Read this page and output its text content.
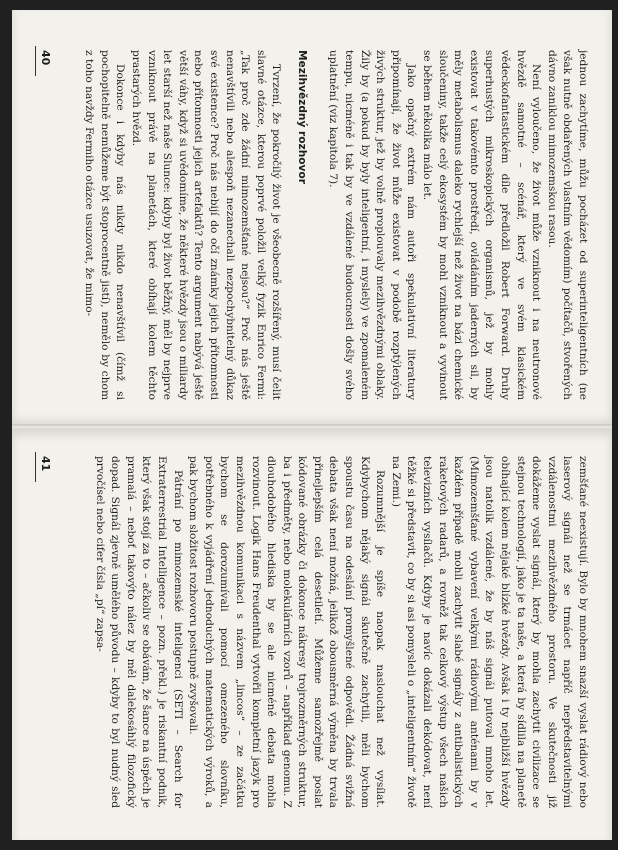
jednou zachytíme, můžu pocházet od superinteligentních (ne však nutně obdařených vlastním vědomím) počítačů, stvořených dávno zaniklou mimozemskou rasou.

Není vyloučeno, že život může vzniknout i na neutronové hvězdě samotné – scénář, který ve svém klasickém vědeckofantastickém díle předložil Robert Forward. Druhy superhustých mikroskopických organismů, jež by mohly existovat v takovémto prostředí, ovládáním jaderných sil, by měly metabolismus daleko rychlejší než život na bázi chemické sloučeniny, takže celý ekosystém by mohl vzniknout a vyvinout se během několika málo let.

Jako opačný extrém nám autoři spekulativní literatury připomínají, že život může existovat v podobě rozptýlených živých struktur, jež by volně proplouvaly mezihvězdnými oblaky. Žily by (a pokud by byly inteligentní, i myslely) ve zpomaleném tempu, nicméně i tak by ve vzdálené budoucnosti došly svého uplatnění (viz kapitola 7).

Mezihvězdný rozhovor

Tvrzení, že pokročilý život je všeobecně rozšířený, musí čelit slavné otázce, kterou poprvé položil velký fyzik Enrico Fermi: „Tak proč zde žádní mimozemšťané nejsou?“ Proč nás ještě nenavštívili nebo alespoň nezanechali nezpochybnitelný důkaz své existence? Proč nás nebijí do očí známky jejich přítomnosti nebo přítomnosti jejich artefaktů? Tento argument nabývá ještě větší váhy, když si uvědomíme, že některé hvězdy jsou o miliardy let starší než naše Slunce: kdyby byl život běžný, měl by nejprve vzniknout právě na planetách, které obíhají kolem těchto prastarých hvězd.

Dokonce i kdyby nás nikdy nikdo nenavštívil (čímž si pochopitelně nemůžeme být stoprocentně jistí), nemělo by chom z toho navždy Fermiho otázce usuzovat, že mimo-

40

zemšťané neexistují. Bylo by mnohem snazší vyslat rádiový nebo laserový signál než se trmácet napříč nepředstavitelnými vzdálenostmi mezihvězdného prostoru. Ve skutečnosti již dokážeme vyslat signál, který by mohla zachytit civilizace se stejnou technologií, jako je ta naše, a která by sídlila na planetě obíhající kolem nějaké blízké hvězdy. Avšak i ty nejbližší hvězdy jsou natolik vzdálené, že by náš signál putoval mnoho let. (Mimozemšťané vybavení velkými rádiovými anténami by v každém případě mohli zachytit slabé signály z antibalistických raketových radarů, a rovněž tak celkový výstup všech našich televizních vysílačů. Kdyby je navíc dokázali dekódovat, není těžké si představit, co by si asi pomysleli o „inteligentním“ životě na Zemi.)

Rozumnější je spíše naopak naslouchat než vysílat. Kdybychom nějaký signál skutečně zachytili, měli bychom spoustu času na odeslání promyšlené odpovědi. Žádná svižná debata však není možná, jelikož obousměrná výměna by trvala přinejlepším celá desetiletí. Můžeme samozřejmě poslat kódované obrázky či dokonce nákresy trojrozměrných struktur, ba i předměty, nebo molekulárních vzorů – například genomu. Z dlouhodobého hlediska by se ale nicméně debata mohla rozvinout. Logik Hans Freudenthal vytvořil kompletní jazyk pro mezihvězdnou komunikaci s názvem „lincos“ – ze začátku bychom se dorozumívali pomocí omezeného slovníku, potřebného k vyjádření jednoduchých matematických výroků, a pak bychom složitost rozhovoru postupně zvyšovali.

Pátrání po mimozemské inteligenci (SETI – Search for Extraterrestrial Intelligence – pozn. překl.) je riskantní podnik, který však stojí za to – ačkoliv se obávám, že šance na úspěch je pramalá – neboť takovýto nález by měl dalekosáhlý filozofický dopad. Signál zjevně umělého původu – kdyby to byl nudný sled prvočísel nebo cifer čísla „pí“ zapsa-

41
